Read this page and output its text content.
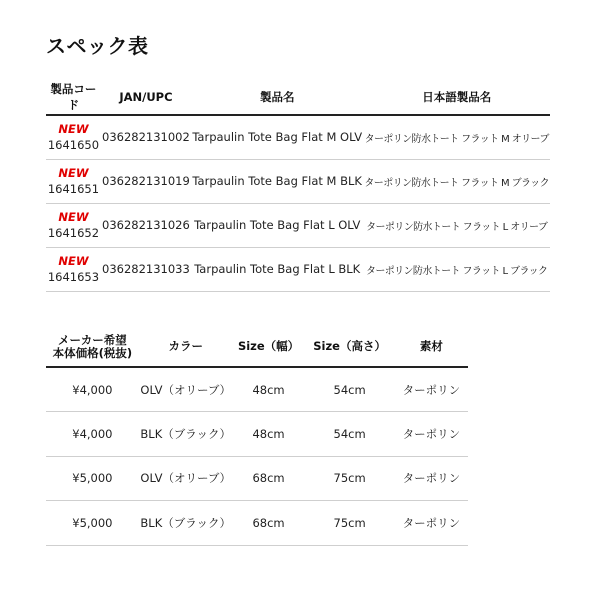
スペック表
製品コード	JAN/UPC	製品名	日本語製品名

NEW
1641650	036282131002	Tarpaulin Tote Bag Flat M OLV	ターポリン防水トート フラット M オリーブ

NEW
1641651	036282131019	Tarpaulin Tote Bag Flat M BLK	ターポリン防水トート フラット M ブラック

NEW
1641652	036282131026	Tarpaulin Tote Bag Flat L OLV	ターポリン防水トート フラット L オリーブ

NEW
1641653	036282131033	Tarpaulin Tote Bag Flat L BLK	ターポリン防水トート フラット L ブラック
メーカー希望
本体価格(税抜)	カラー	Size（幅）	Size（高さ）	素材
¥4,000	OLV（オリーブ）	48cm	54cm	ターポリン
¥4,000	BLK（ブラック）	48cm	54cm	ターポリン
¥5,000	OLV（オリーブ）	68cm	75cm	ターポリン
¥5,000	BLK（ブラック）	68cm	75cm	ターポリン
